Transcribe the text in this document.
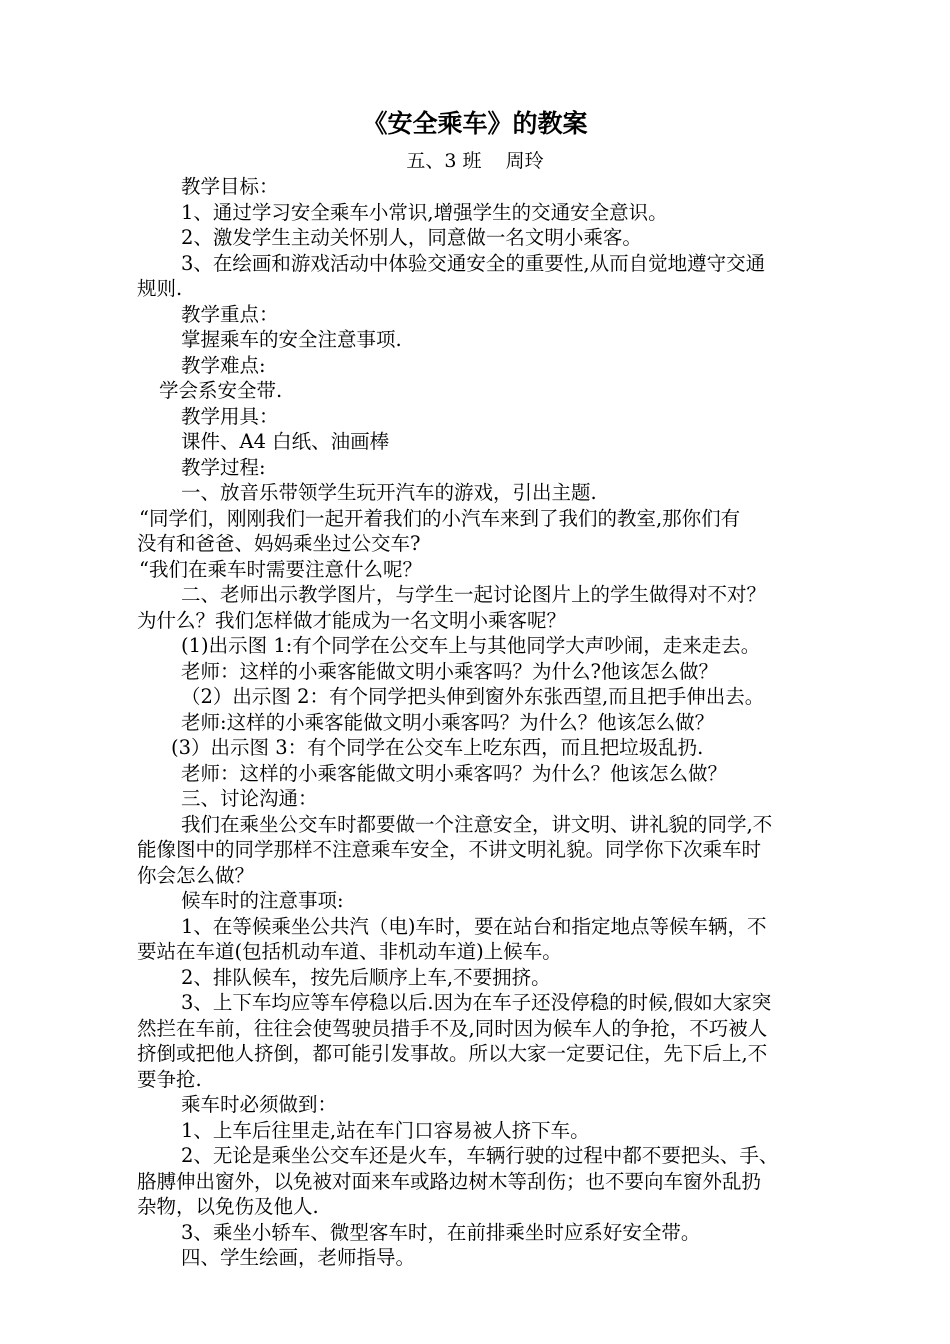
《安全乘车》的教案
五、3 班    周玲

教学目标：

1、通过学习安全乘车小常识,增强学生的交通安全意识。

2、激发学生主动关怀别人，同意做一名文明小乘客。

3、在绘画和游戏活动中体验交通安全的重要性,从而自觉地遵守交通

规则.

教学重点：

掌握乘车的安全注意事项.

教学难点:

学会系安全带.

教学用具：

课件、A4 白纸、油画棒

教学过程:

一、放音乐带领学生玩开汽车的游戏，引出主题.

“同学们，刚刚我们一起开着我们的小汽车来到了我们的教室,那你们有

没有和爸爸、妈妈乘坐过公交车?

“我们在乘车时需要注意什么呢？

二、老师出示教学图片，与学生一起讨论图片上的学生做得对不对？

为什么？我们怎样做才能成为一名文明小乘客呢？

(1)出示图 1:有个同学在公交车上与其他同学大声吵闹，走来走去。

老师：这样的小乘客能做文明小乘客吗？为什么?他该怎么做？

（2）出示图 2：有个同学把头伸到窗外东张西望,而且把手伸出去。

老师:这样的小乘客能做文明小乘客吗？为什么？他该怎么做？

(3）出示图 3：有个同学在公交车上吃东西，而且把垃圾乱扔.

老师：这样的小乘客能做文明小乘客吗？为什么？他该怎么做？

三、讨论沟通：

我们在乘坐公交车时都要做一个注意安全，讲文明、讲礼貌的同学,不

能像图中的同学那样不注意乘车安全，不讲文明礼貌。同学你下次乘车时

你会怎么做？

候车时的注意事项:

1、在等候乘坐公共汽（电)车时，要在站台和指定地点等候车辆，不

要站在车道(包括机动车道、非机动车道)上候车。

2、排队候车，按先后顺序上车,不要拥挤。

3、上下车均应等车停稳以后.因为在车子还没停稳的时候,假如大家突

然拦在车前，往往会使驾驶员措手不及,同时因为候车人的争抢，不巧被人

挤倒或把他人挤倒，都可能引发事故。所以大家一定要记住，先下后上,不

要争抢.

乘车时必须做到：

1、上车后往里走,站在车门口容易被人挤下车。

2、无论是乘坐公交车还是火车，车辆行驶的过程中都不要把头、手、

胳膊伸出窗外，以免被对面来车或路边树木等刮伤；也不要向车窗外乱扔

杂物，以免伤及他人.

3、乘坐小轿车、微型客车时，在前排乘坐时应系好安全带。

四、学生绘画，老师指导。
